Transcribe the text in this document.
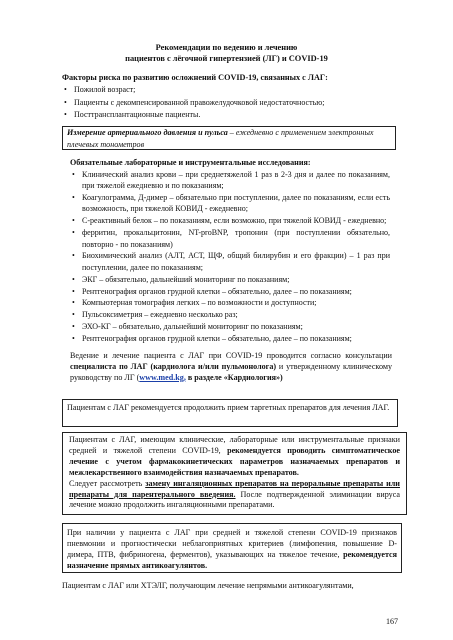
Рекомендации по ведению и лечению
пациентов с лёгочной гипертензией (ЛГ) и COVID-19
Факторы риска по развитию осложнений COVID-19, связанных с ЛАГ:
• Пожилой возраст;
• Пациенты с декомпенсированной правожелудочковой недостаточностью;
• Посттрансплантационные пациенты.
Измерение артериального давления и пульса – ежедневно с применением электронных плечевых тонометров
Обязательные лабораторные и инструментальные исследования:
• Клинический анализ крови – при среднетяжелой 1 раз в 2-3 дня и далее по показаниям, при тяжелой ежедневно и по показаниям;
• Коагулограмма, Д-димер – обязательно при поступлении, далее по показаниям, если есть возможность, при тяжелой КОВИД - ежедневно;
• С-реактивный белок – по показаниям, если возможно, при тяжелой КОВИД - ежедневно;
• ферритин, прокальцитонин, NT-proBNP, тропонин (при поступлении обязательно, повторно - по показаниям)
• Биохимический анализ (АЛТ, АСТ, ЩФ, общий билирубин и его фракции) – 1 раз при поступлении, далее по показаниям;
• ЭКГ – обязательно, дальнейший мониторинг по показаниям;
• Рентгенография органов грудной клетки – обязательно, далее – по показаниям;
• Компьютерная томография легких – по возможности и доступности;
• Пульсоксиметрия – ежедневно несколько раз;
• ЭХО-КГ – обязательно, дальнейший мониторинг по показаниям;
• Рентгенография органов грудной клетки – обязательно, далее – по показаниям;
Ведение и лечение пациента с ЛАГ при COVID-19 проводится согласно консультации специалиста по ЛАГ (кардиолога и/или пульмонолога) и утвержденному клиническому руководству по ЛГ (www.med.kg, в разделе «Кардиология»)
Пациентам с ЛАГ рекомендуется продолжить прием таргетных препаратов для лечения ЛАГ.
Пациентам с ЛАГ, имеющим клинические, лабораторные или инструментальные признаки средней и тяжелой степени COVID-19, рекомендуется проводить симптоматическое лечение с учетом фармакокинетических параметров назначаемых препаратов и межлекарственного взаимодействия назначаемых препаратов.
Следует рассмотреть замену ингаляционных препаратов на пероральные препараты или препараты для парентерального введения. После подтвержденной элиминации вируса лечение можно продолжить ингаляционными препаратами.
При наличии у пациента с ЛАГ при средней и тяжелой степени COVID-19 признаков пневмонии и прогностически неблагоприятных критериев (лимфопения, повышение D-димера, ПТВ, фибриногена, ферментов), указывающих на тяжелое течение, рекомендуется назначение прямых антикоагулянтов.
Пациентам с ЛАГ или ХТЭЛГ, получающим лечение непрямыми антикоагулянтами,
167
